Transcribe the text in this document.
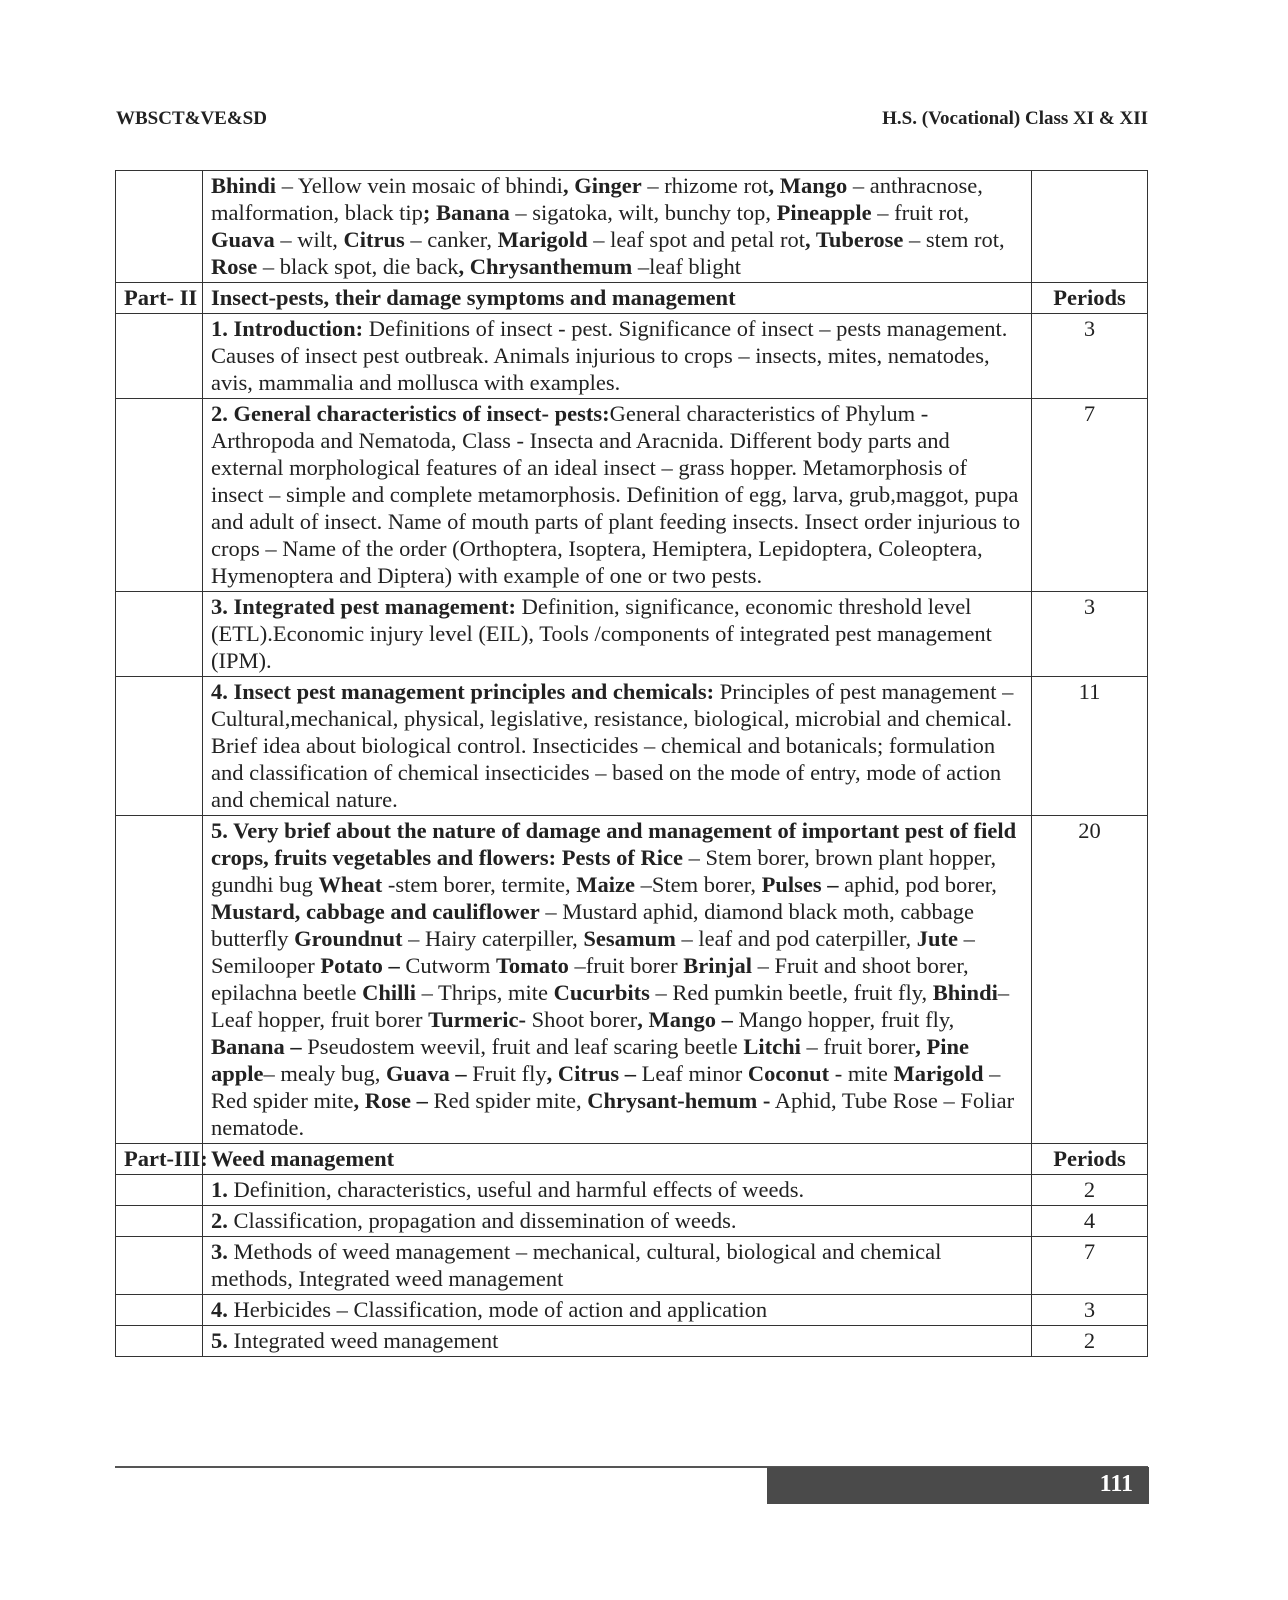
WBSCT&VE&SD	H.S. (Vocational) Class XI & XII
	Bhindi – Yellow vein mosaic of bhindi, Ginger – rhizome rot, Mango – anthracnose, malformation, black tip; Banana – sigatoka, wilt, bunchy top, Pineapple – fruit rot, Guava – wilt, Citrus – canker, Marigold – leaf spot and petal rot, Tuberose – stem rot, Rose – black spot, die back, Chrysanthemum –leaf blight	
Part- II	Insect-pests, their damage symptoms and management	Periods
	1. Introduction: Definitions of insect - pest. Significance of insect – pests management. Causes of insect pest outbreak. Animals injurious to crops – insects, mites, nematodes, avis, mammalia and mollusca with examples.	3
	2. General characteristics of insect- pests:General characteristics of Phylum - Arthropoda and Nematoda, Class - Insecta and Aracnida. Different body parts and external morphological features of an ideal insect – grass hopper. Metamorphosis of insect – simple and complete metamorphosis. Definition of egg, larva, grub,maggot, pupa and adult of insect. Name of mouth parts of plant feeding insects. Insect order injurious to crops – Name of the order (Orthoptera, Isoptera, Hemiptera, Lepidoptera, Coleoptera, Hymenoptera and Diptera) with example of one or two pests.	7
	3. Integrated pest management: Definition, significance, economic threshold level (ETL).Economic injury level (EIL), Tools /components of integrated pest management (IPM).	3
	4. Insect pest management principles and chemicals: Principles of pest management –Cultural,mechanical, physical, legislative, resistance, biological, microbial and chemical. Brief idea about biological control. Insecticides – chemical and botanicals; formulation and classification of chemical insecticides – based on the mode of entry, mode of action and chemical nature.	11
	5. Very brief about the nature of damage and management of important pest of field crops, fruits vegetables and flowers: Pests of Rice – Stem borer, brown plant hopper, gundhi bug Wheat -stem borer, termite, Maize –Stem borer, Pulses – aphid, pod borer, Mustard, cabbage and cauliflower – Mustard aphid, diamond black moth, cabbage butterfly Groundnut – Hairy caterpiller, Sesamum – leaf and pod caterpiller, Jute – Semilooper Potato – Cutworm Tomato –fruit borer Brinjal – Fruit and shoot borer, epilachna beetle Chilli – Thrips, mite Cucurbits – Red pumkin beetle, fruit fly, Bhindi– Leaf hopper, fruit borer Turmeric- Shoot borer, Mango – Mango hopper, fruit fly, Banana – Pseudostem weevil, fruit and leaf scaring beetle Litchi – fruit borer, Pine apple– mealy bug, Guava – Fruit fly, Citrus – Leaf minor Coconut - mite Marigold – Red spider mite, Rose – Red spider mite, Chrysant-hemum - Aphid, Tube Rose – Foliar nematode.	20
Part-III:	Weed management	Periods
	1. Definition, characteristics, useful and harmful effects of weeds.	2
	2. Classification, propagation and dissemination of weeds.	4
	3. Methods of weed management – mechanical, cultural, biological and chemical methods, Integrated weed management	7
	4. Herbicides – Classification, mode of action and application	3
	5. Integrated weed management	2
111
